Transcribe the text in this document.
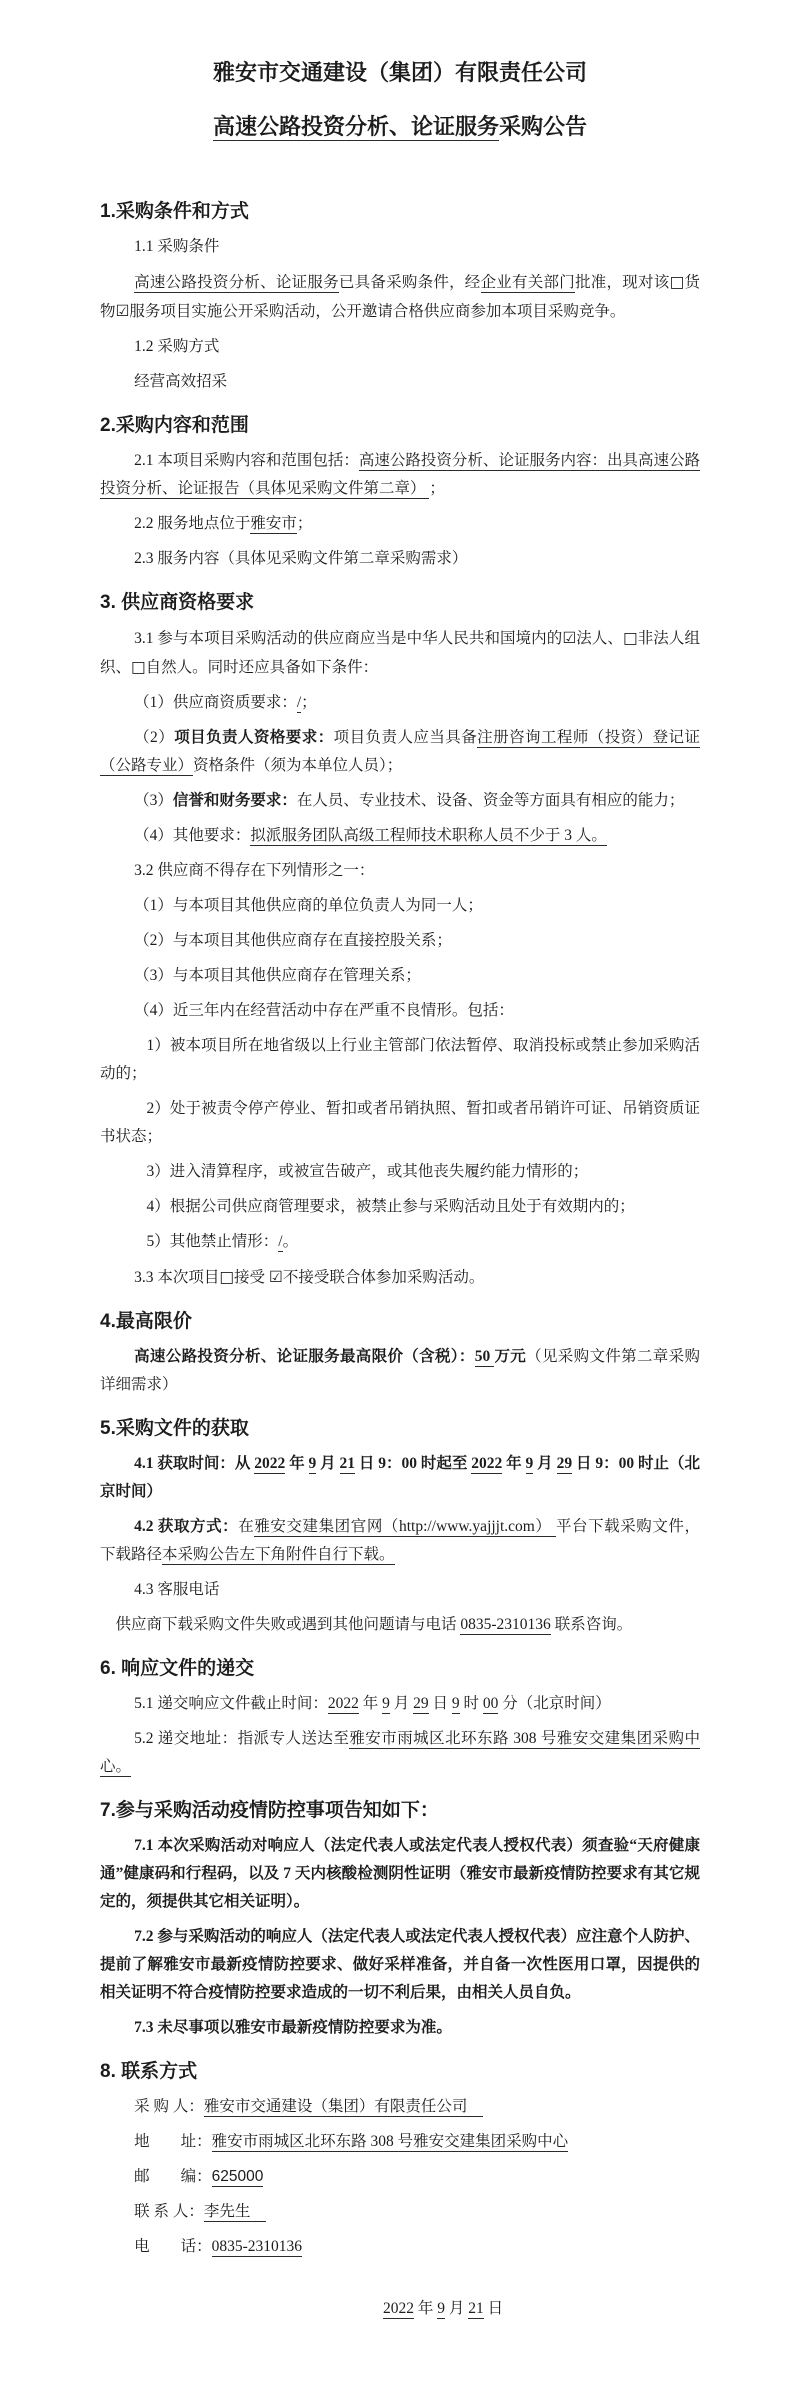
雅安市交通建设（集团）有限责任公司
高速公路投资分析、论证服务采购公告
1.采购条件和方式
1.1 采购条件
高速公路投资分析、论证服务已具备采购条件，经企业有关部门批准，现对该□货物☑服务项目实施公开采购活动，公开邀请合格供应商参加本项目采购竞争。
1.2 采购方式
经营高效招采
2.采购内容和范围
2.1 本项目采购内容和范围包括：高速公路投资分析、论证服务内容：出具高速公路投资分析、论证报告（具体见采购文件第二章） ；
2.2 服务地点位于雅安市；
2.3 服务内容（具体见采购文件第二章采购需求）
3. 供应商资格要求
3.1 参与本项目采购活动的供应商应当是中华人民共和国境内的☑法人、□非法人组织、□自然人。同时还应具备如下条件：
（1）供应商资质要求：/；
（2）项目负责人资格要求：项目负责人应当具备注册咨询工程师（投资）登记证（公路专业）资格条件（须为本单位人员）；
（3）信誉和财务要求：在人员、专业技术、设备、资金等方面具有相应的能力；
（4）其他要求：拟派服务团队高级工程师技术职称人员不少于 3 人。
3.2 供应商不得存在下列情形之一：
（1）与本项目其他供应商的单位负责人为同一人；
（2）与本项目其他供应商存在直接控股关系；
（3）与本项目其他供应商存在管理关系；
（4）近三年内在经营活动中存在严重不良情形。包括：
1）被本项目所在地省级以上行业主管部门依法暂停、取消投标或禁止参加采购活动的；
2）处于被责令停产停业、暂扣或者吊销执照、暂扣或者吊销许可证、吊销资质证书状态；
3）进入清算程序，或被宣告破产，或其他丧失履约能力情形的；
4）根据公司供应商管理要求，被禁止参与采购活动且处于有效期内的；
5）其他禁止情形：/。
3.3 本次项目□接受 ☑不接受联合体参加采购活动。
4.最高限价
高速公路投资分析、论证服务最高限价（含税）：50 万元（见采购文件第二章采购详细需求）
5.采购文件的获取
4.1 获取时间：从 2022 年 9 月 21 日 9：00 时起至 2022 年 9 月 29 日 9：00 时止（北京时间）
4.2 获取方式：在雅安交建集团官网（http://www.yajjjt.com） 平台下载采购文件，下载路径本采购公告左下角附件自行下载。
4.3 客服电话
供应商下载采购文件失败或遇到其他问题请与电话 0835-2310136 联系咨询。
6. 响应文件的递交
5.1 递交响应文件截止时间：2022 年 9 月 29 日 9 时 00 分（北京时间）
5.2 递交地址：指派专人送达至雅安市雨城区北环东路 308 号雅安交建集团采购中心。
7.参与采购活动疫情防控事项告知如下：
7.1 本次采购活动对响应人（法定代表人或法定代表人授权代表）须查验“天府健康通”健康码和行程码，以及 7 天内核酸检测阴性证明（雅安市最新疫情防控要求有其它规定的，须提供其它相关证明）。
7.2 参与采购活动的响应人（法定代表人或法定代表人授权代表）应注意个人防护、提前了解雅安市最新疫情防控要求、做好采样准备，并自备一次性医用口罩，因提供的相关证明不符合疫情防控要求造成的一切不利后果，由相关人员自负。
7.3 未尽事项以雅安市最新疫情防控要求为准。
8. 联系方式
采 购 人：雅安市交通建设（集团）有限责任公司　
地　　址：雅安市雨城区北环东路 308 号雅安交建集团采购中心
邮　　编：625000
联 系 人：李先生　
电　　话：0835-2310136
2022 年 9 月 21 日
